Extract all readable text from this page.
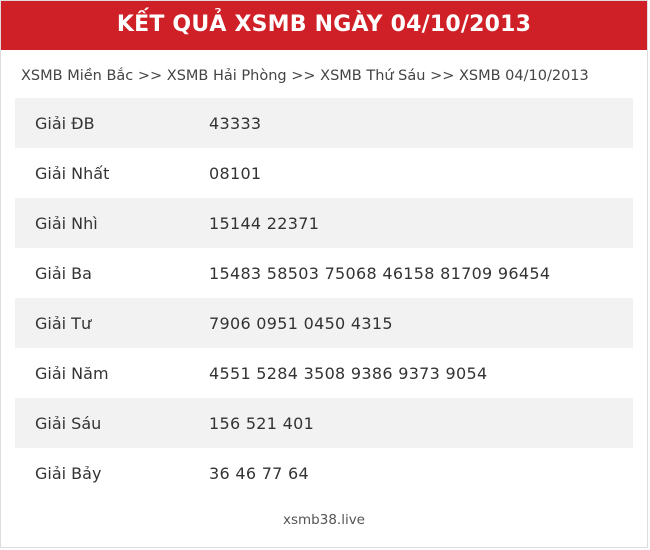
KẾT QUẢ XSMB NGÀY 04/10/2013
XSMB Miền Bắc >> XSMB Hải Phòng >> XSMB Thứ Sáu >> XSMB 04/10/2013
Giải ĐB	43333
Giải Nhất	08101
Giải Nhì	15144 22371
Giải Ba	15483 58503 75068 46158 81709 96454
Giải Tư	7906 0951 0450 4315
Giải Năm	4551 5284 3508 9386 9373 9054
Giải Sáu	156 521 401
Giải Bảy	36 46 77 64
xsmb38.live
